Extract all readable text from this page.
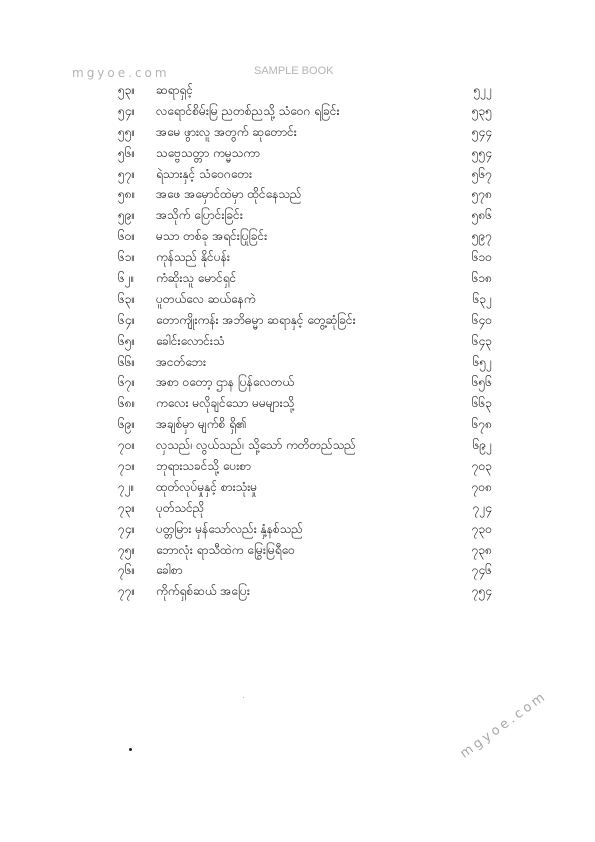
mgyoe.com	SAMPLE BOOK
၅၃။ ဆရာရှင့်	၅၂၂
၅၄။ လရောင်စိမ်းမြ ညတစ်ညသို့ သံဝေဂ ရခြင်း	၅၃၅
၅၅။ အမေ ဖွားလူ အတွက် ဆုတောင်း	၅၄၄
၅၆။ သဗ္ဗေသတ္တာ ကမ္မသကာ	၅၅၄
၅၇။ ရဲသားနှင့် သံဝေဂတေး	၅၆၇
၅၈။ အဖေ အမှောင်ထဲမှာ ထိုင်နေသည်	၅၇၈
၅၉။ အသိုက် ပြောင်းခြင်း	၅၈၆
၆၀။ မသာ တစ်ခု အရင်းပြုခြင်း	၅၉၇
၆၁။ ကုန်သည် နိုင်ပန်း	၆၁၀
၆၂။ ကံဆိုးသူ မောင်ရှင်	၆၁၈
၆၃။ ပူတယ်လေ ဆယ်နေကဲ	၆၃၂
၆၄။ တောကျိုးကန်း အဘိဓမ္မာ ဆရာနှင့် တွေ့ဆုံခြင်း	၆၄၀
၆၅။ ခေါင်းလောင်းသံ	၆၄၃
၆၆။ အငတ်ဘေး	၆၅၂
၆၇။ အစာ ဝတော့ ဌာန ပြန်လေတယ်	၆၅၆
၆၈။ ကလေး မလိုချင်သော မမများသို့	၆၆၃
၆၉။ အချစ်မှာ မျက်စိ ရှိ၏	၆၇၈
၇၀။ လှသည်၊ လွယ်သည်၊ သို့သော် ကတိတည်သည်	၆၉၂
၇၁။ ဘုရားသခင်သို့ ပေးစာ	၇၀၃
၇၂။ ထုတ်လုပ်မှုနှင့် စားသုံးမှု	၇၀၈
၇၃။ ပုတ်သင်ညို	၇၂၄
၇၄။ ပတ္တမြား မှန်သော်လည်း နှံ့နစ်သည်	၇၃၀
၇၅။ ဘောလုံး ရာသီထဲက မြွေးမြရီဝေ	၇၃၈
၇၆။ ခေါစာ	၇၄၆
၇၇။ ကိုက်ရှစ်ဆယ် အပြေး	၇၅၄
mgyoe.com
